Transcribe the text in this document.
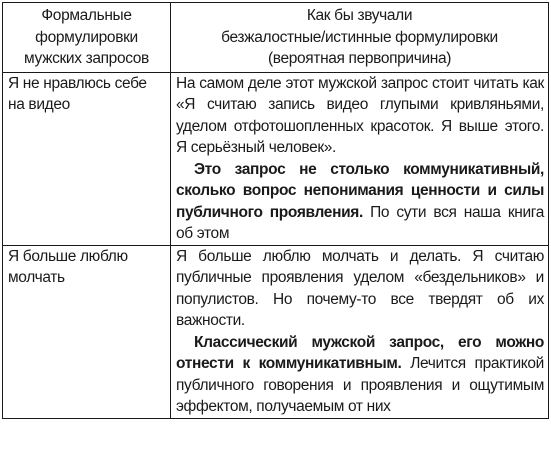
Формальные
формулировки
мужских запросов	Как бы звучали
безжалостные/истинные формулировки
(вероятная первопричина)

Я не нравлюсь себе на видео	На самом деле этот мужской запрос стоит читать как «Я считаю запись видео глупыми кривляньями, уделом отфотошопленных красоток. Я выше этого. Я серьёзный человек».

Это запрос не столько коммуникативный, сколько вопрос непонимания ценности и силы публичного проявления. По сути вся наша книга об этом

Я больше люблю молчать	Я больше люблю молчать и делать. Я считаю публичные проявления уделом «бездельников» и популистов. Но почему-то все твердят об их важности.

Классический мужской запрос, его можно отнести к коммуникативным. Лечится практикой публичного говорения и проявления и ощутимым эффектом, получаемым от них
